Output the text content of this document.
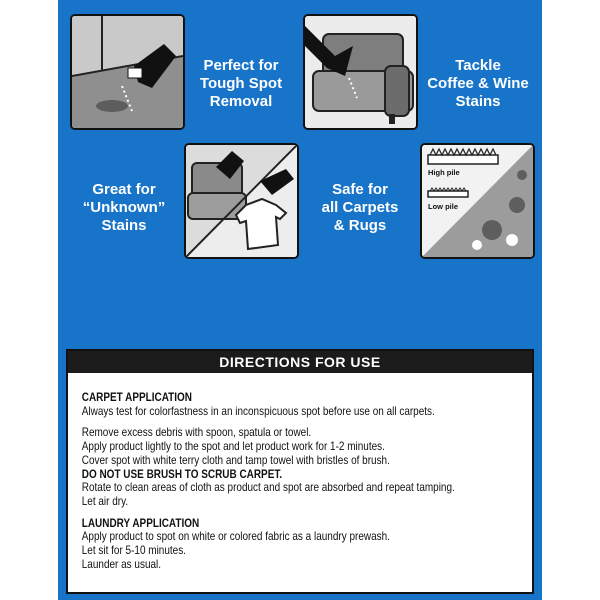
Perfect for
Tough Spot
Removal
Tackle
Coffee & Wine
Stains
Great for
“Unknown”
Stains
High pile
Low pile
Safe for
all Carpets
& Rugs
DIRECTIONS FOR USE
CARPET APPLICATION
Always test for colorfastness in an inconspicuous spot before use on all carpets.
Remove excess debris with spoon, spatula or towel.
Apply product lightly to the spot and let product work for 1-2 minutes.
Cover spot with white terry cloth and tamp towel with bristles of brush.
DO NOT USE BRUSH TO SCRUB CARPET.
Rotate to clean areas of cloth as product and spot are absorbed and repeat tamping.
Let air dry.
LAUNDRY APPLICATION
Apply product to spot on white or colored fabric as a laundry prewash.
Let sit for 5-10 minutes.
Launder as usual.
